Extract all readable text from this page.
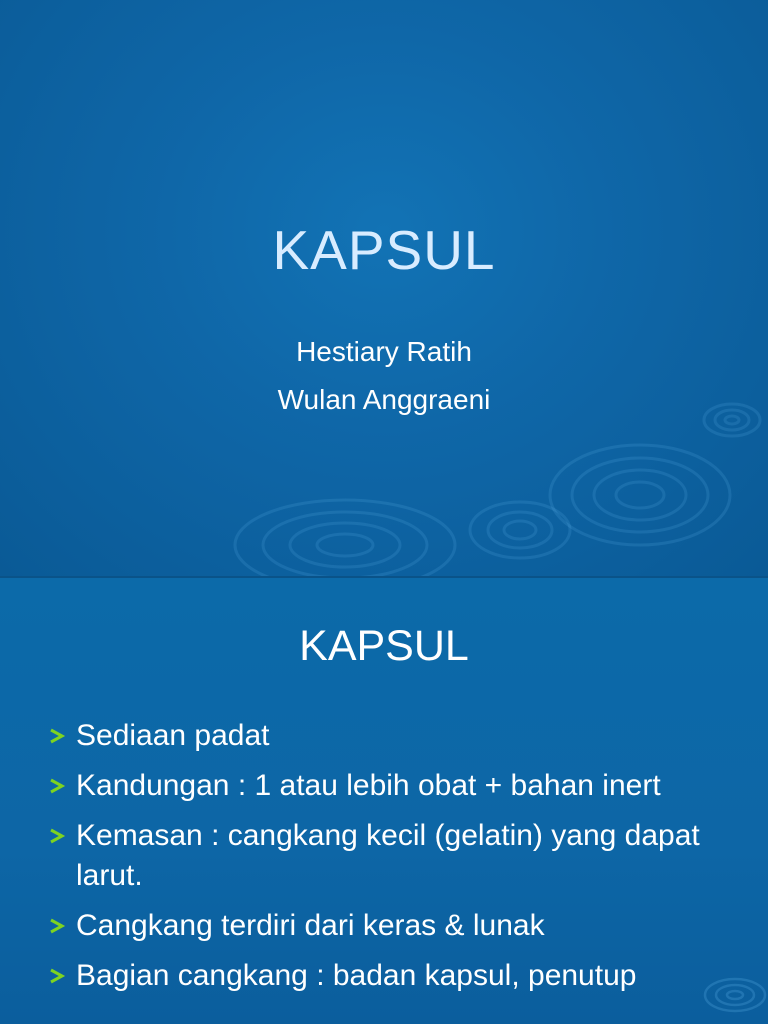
KAPSUL
Hestiary Ratih
Wulan Anggraeni
KAPSUL
Sediaan padat
Kandungan : 1 atau lebih obat + bahan inert
Kemasan : cangkang kecil (gelatin) yang dapat larut.
Cangkang terdiri dari keras & lunak
Bagian cangkang : badan kapsul, penutup
